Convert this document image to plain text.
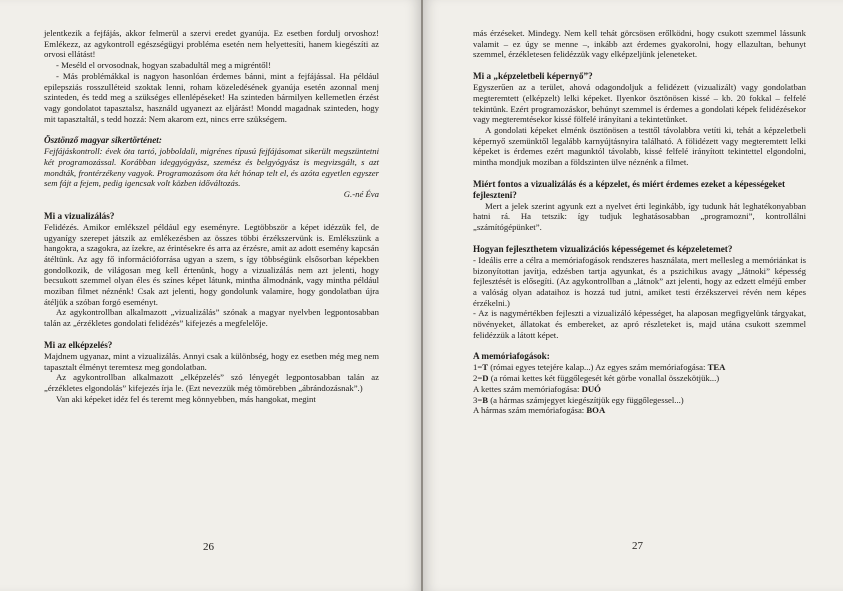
jelentkezik a fejfájás, akkor felmerül a szervi eredet gyanúja. Ez esetben fordulj orvoshoz! Emlékezz, az agykontroll egészségügyi probléma esetén nem helyettesíti, hanem kiegészíti az orvosi ellátást!

- Meséld el orvosodnak, hogyan szabadultál meg a migréntől!

- Más problémákkal is nagyon hasonlóan érdemes bánni, mint a fejfájással. Ha például epilepsziás rosszulléteid szoktak lenni, roham közeledésének gyanúja esetén azonnal menj szinteden, és tedd meg a szükséges ellenlépéseket! Ha szinteden bármilyen kellemetlen érzést vagy gondolatot tapasztalsz, használd ugyanezt az eljárást! Mondd magadnak szinteden, hogy mit tapasztaltál, s tedd hozzá: Nem akarom ezt, nincs erre szükségem.

Ösztönző magyar sikertörténet:

Fejfájáskontroll: évek óta tartó, jobboldali, migrénes típusú fejfájásomat sikerült megszüntetni két programozással. Korábban ideggyógyász, szemész és belgyógyász is megvizsgált, s azt mondták, frontérzékeny vagyok. Programozásom óta két hónap telt el, és azóta egyetlen egyszer sem fájt a fejem, pedig igencsak volt közben időváltozás.

G.-né Éva

Mi a vizualizálás?

Felidézés. Amikor emlékszel például egy eseményre. Legtöbbször a képet idézzük fel, de ugyanígy szerepet játszik az emlékezésben az összes többi érzékszervünk is. Emlékszünk a hangokra, a szagokra, az ízekre, az érintésekre és arra az érzésre, amit az adott esemény kapcsán átéltünk. Az agy fő információforrása ugyan a szem, s így többségünk elsősorban képekben gondolkozik, de világosan meg kell értenünk, hogy a vizualizálás nem azt jelenti, hogy becsukott szemmel olyan éles és színes képet látunk, mintha álmodnánk, vagy mintha például moziban filmet néznénk! Csak azt jelenti, hogy gondolunk valamire, hogy gondolatban újra átéljük a szóban forgó eseményt.

Az agykontrollban alkalmazott „vizualizálás” szónak a magyar nyelvben legpontosabban talán az „érzékletes gondolati felidézés” kifejezés a megfelelője.

Mi az elképzelés?

Majdnem ugyanaz, mint a vizualizálás. Annyi csak a különbség, hogy ez esetben még meg nem tapasztalt élményt teremtesz meg gondolatban.

Az agykontrollban alkalmazott „elképzelés” szó lényegét legpontosabban talán az „érzékletes elgondolás” kifejezés írja le. (Ezt nevezzük még tömörebben „ábrándozásnak”.)

Van aki képeket idéz fel és teremt meg könnyebben, más hangokat, megint

26

más érzéseket. Mindegy. Nem kell tehát görcsösen erőlködni, hogy csukott szemmel lássunk valamit – ez úgy se menne –, inkább azt érdemes gyakorolni, hogy ellazultan, behunyt szemmel, érzékletesen felidézzük vagy elképzeljünk jeleneteket.

Mi a „képzeletbeli képernyő”?

Egyszerűen az a terület, ahová odagondoljuk a felidézett (vizualizált) vagy gondolatban megteremtett (elképzelt) lelki képeket. Ilyenkor ösztönösen kissé – kb. 20 fokkal – felfelé tekintünk. Ezért programozáskor, behúnyt szemmel is érdemes a gondolati képek felidézésekor vagy megteremtésekor kissé fölfelé irányítani a tekintetünket.

A gondolati képeket elménk ösztönösen a testtől távolabbra vetíti ki, tehát a képzeletbeli képernyő szemünktől legalább karnyújtásnyira található. A fölidézett vagy megteremtett lelki képeket is érdemes ezért magunktól távolabb, kissé felfelé irányított tekintettel elgondolni, mintha mondjuk moziban a földszinten ülve néznénk a filmet.

Miért fontos a vizualizálás és a képzelet, és miért érdemes ezeket a képességeket fejleszteni?

Mert a jelek szerint agyunk ezt a nyelvet érti leginkább, így tudunk hát leghatékonyabban hatni rá. Ha tetszik: így tudjuk leghatásosabban „programozni”, kontrollálni „számítógépünket”.

Hogyan fejleszthetem vizualizációs képességemet és képzeletemet?

- Ideális erre a célra a memóriafogások rendszeres használata, mert mellesleg a memóriánkat is bizonyítottan javítja, edzésben tartja agyunkat, és a pszichikus avagy „Játnoki” képesség fejlesztését is elősegíti. (Az agykontrollban a „látnok” azt jelenti, hogy az edzett elméjű ember a valóság olyan adataihoz is hozzá tud jutni, amiket testi érzékszervei révén nem képes érzékelni.)

- Az is nagymértékben fejleszti a vizualizáló képességet, ha alaposan megfigyelünk tárgyakat, növényeket, állatokat és embereket, az apró részleteket is, majd utána csukott szemmel felidézzük a látott képet.

A memóriafogások:

1=T (római egyes tetejére kalap...) Az egyes szám memóriafogása: TEA

2=D (a római kettes két függőlegesét két görbe vonallal összekötjük...)

A kettes szám memóriafogása: DUÓ

3=B (a hármas számjegyet kiegészítjük egy függőlegessel...)

A hármas szám memóriafogása: BOA

27
